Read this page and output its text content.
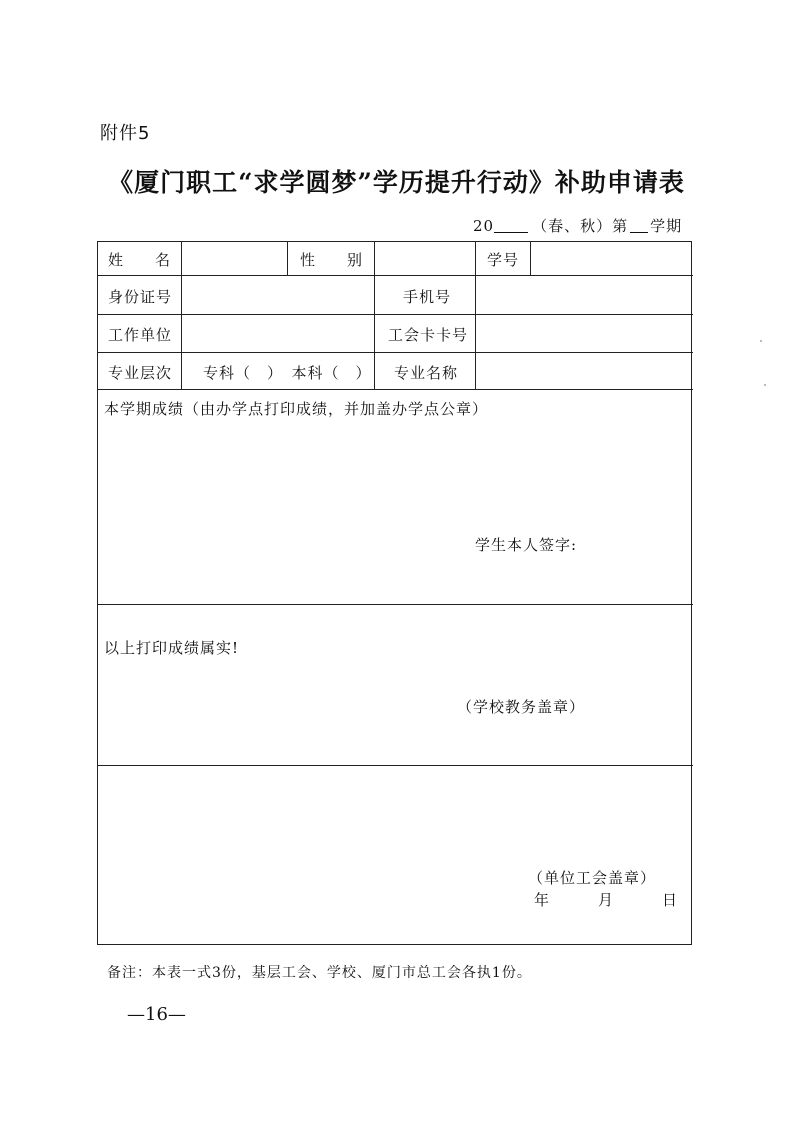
附件5
《厦门职工“求学圆梦”学历提升行动》补助申请表
20	（春、秋）第 学期
姓 名	性 别	学号
身份证号	手机号
工作单位	工会卡卡号
专业层次 专科（　）　本科（　） 专业名称
本学期成绩（由办学点打印成绩，并加盖办学点公章）
学生本人签字:
以上打印成绩属实!
（学校教务盖章）
（单位工会盖章）
年　　　月　　　日
备注：本表一式3份，基层工会、学校、厦门市总工会各执1份。
—16—
